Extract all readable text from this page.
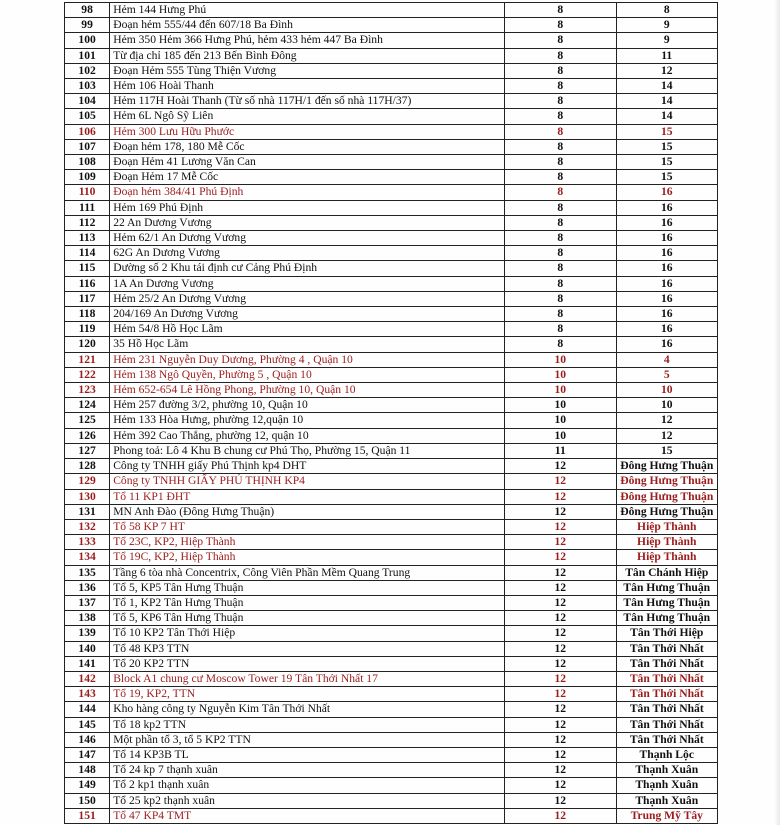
98	Hẻm 144 Hưng Phú	8	8
99	Đoạn hẻm 555/44 đến 607/18 Ba Đình	8	9
100	Hẻm 350 Hẻm 366 Hưng Phú, hẻm 433 hẻm 447 Ba Đình	8	9
101	Từ địa chỉ 185 đến 213 Bến Bình Đông	8	11
102	Đoạn Hẻm 555 Tùng Thiện Vương	8	12
103	Hẻm 106 Hoài Thanh	8	14
104	Hẻm 117H Hoài Thanh (Từ số nhà 117H/1 đến số nhà 117H/37)	8	14
105	Hẻm 6L Ngô Sỹ Liên	8	14
106	Hẻm 300 Lưu Hữu Phước	8	15
107	Đoạn hẻm 178, 180 Mễ Cốc	8	15
108	Đoạn Hẻm 41 Lương Văn Can	8	15
109	Đoạn Hẻm 17 Mễ Cốc	8	15
110	Đoạn hẻm 384/41 Phú Định	8	16
111	Hẻm 169 Phú Định	8	16
112	22 An Dương Vương	8	16
113	Hẻm 62/1 An Dương Vương	8	16
114	62G An Dương Vương	8	16
115	Dường số 2 Khu tái định cư Cảng Phú Định	8	16
116	1A An Dương Vương	8	16
117	Hẻm 25/2 An Dương Vương	8	16
118	204/169 An Dương Vương	8	16
119	Hẻm 54/8 Hồ Học Lãm	8	16
120	35 Hồ Học Lãm	8	16
121	Hẻm 231 Nguyễn Duy Dương, Phường 4 , Quận 10	10	4
122	Hẻm 138 Ngô Quyền, Phường 5 , Quận 10	10	5
123	Hẻm 652-654 Lê Hồng Phong, Phường 10, Quận 10	10	10
124	Hẻm 257 đường 3/2, phường 10, Quận 10	10	10
125	Hẻm 133 Hòa Hưng, phường 12,quận 10	10	12
126	Hẻm 392 Cao Thắng, phường 12, quận 10	10	12
127	Phong toả: Lô 4 Khu B chung cư Phú Thọ, Phường 15, Quận 11	11	15
128	Công ty TNHH giấy Phú Thịnh kp4 DHT	12	Đông Hưng Thuận
129	Công ty TNHH GIẤY PHÚ THỊNH KP4	12	Đông Hưng Thuận
130	Tổ 11 KP1 ĐHT	12	Đông Hưng Thuận
131	MN Anh Đào (Đông Hưng Thuận)	12	Đông Hưng Thuận
132	Tổ 58 KP 7 HT	12	Hiệp Thành
133	Tổ 23C, KP2, Hiệp Thành	12	Hiệp Thành
134	Tổ 19C, KP2, Hiệp Thành	12	Hiệp Thành
135	Tầng 6 tòa nhà Concentrix, Công Viên Phần Mềm Quang Trung	12	Tân Chánh Hiệp
136	Tổ 5, KP5 Tân Hưng Thuận	12	Tân Hưng Thuận
137	Tổ 1, KP2 Tân Hưng Thuận	12	Tân Hưng Thuận
138	Tổ 5, KP6 Tân Hưng Thuận	12	Tân Hưng Thuận
139	Tổ 10 KP2 Tân Thới Hiệp	12	Tân Thới Hiệp
140	Tổ 48 KP3 TTN	12	Tân Thới Nhất
141	Tổ 20 KP2 TTN	12	Tân Thới Nhất
142	Block A1 chung cư Moscow Tower 19 Tân Thới Nhất 17	12	Tân Thới Nhất
143	Tổ 19, KP2, TTN	12	Tân Thới Nhất
144	Kho hàng công ty Nguyễn Kim Tân Thới Nhất	12	Tân Thới Nhất
145	Tổ 18 kp2 TTN	12	Tân Thới Nhất
146	Một phần tổ 3, tổ 5 KP2 TTN	12	Tân Thới Nhất
147	Tổ 14 KP3B TL	12	Thạnh Lộc
148	Tổ 24 kp 7 thạnh xuân	12	Thạnh Xuân
149	Tổ 2 kp1 thạnh xuân	12	Thạnh Xuân
150	Tổ 25 kp2 thạnh xuân	12	Thạnh Xuân
151	Tổ 47 KP4 TMT	12	Trung Mỹ Tây
